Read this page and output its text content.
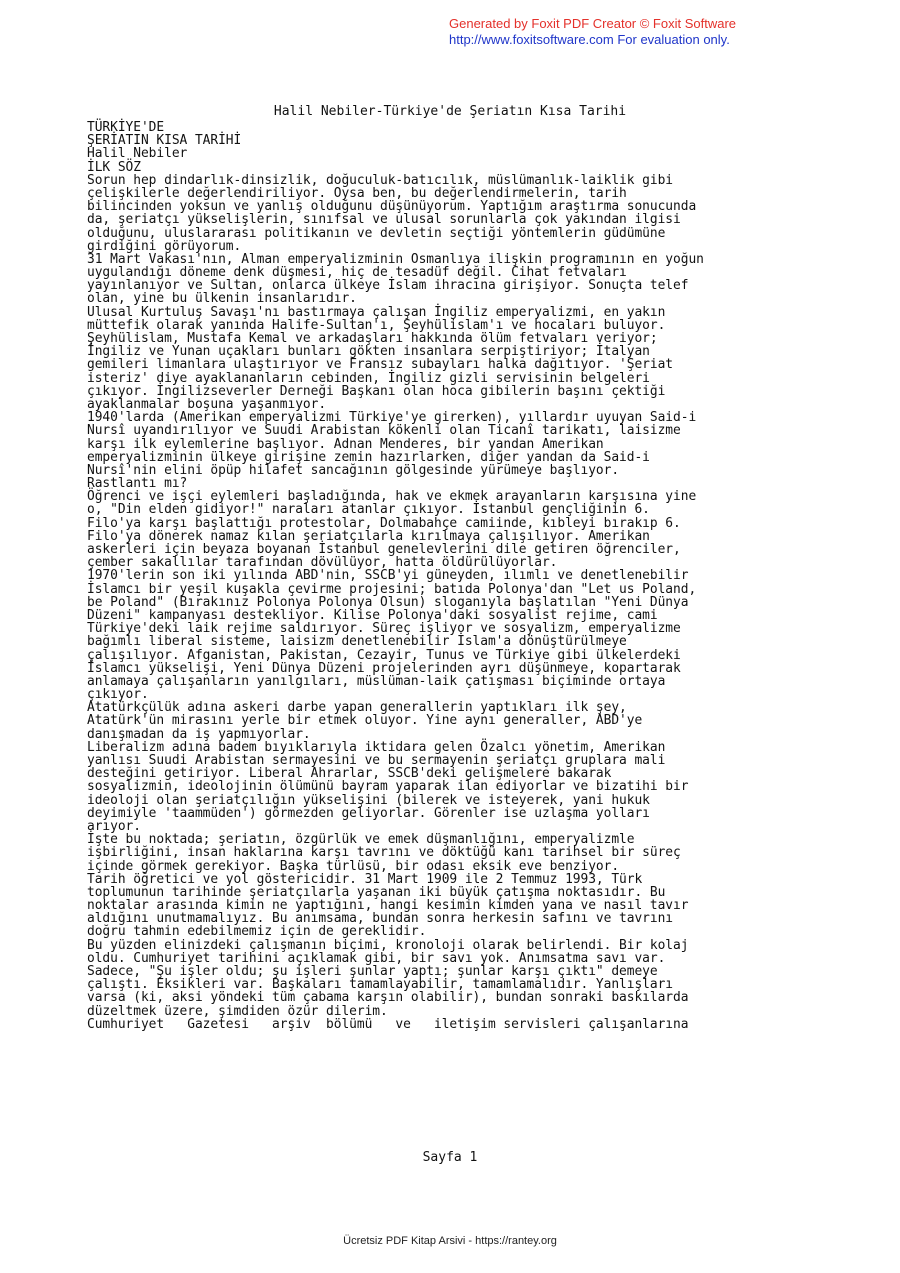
Generated by Foxit PDF Creator © Foxit Software
http://www.foxitsoftware.com For evaluation only.
Halil Nebiler-Türkiye'de Şeriatın Kısa Tarihi
TÜRKİYE'DE
ŞERİATIN KISA TARİHİ
Halil Nebiler
İLK SÖZ
Sorun hep dindarlık-dinsizlik, doğuculuk-batıcılık, müslümanlık-laiklik gibi
çelişkilerle değerlendiriliyor. Oysa ben, bu değerlendirmelerin, tarih
bilincinden yoksun ve yanlış olduğunu düşünüyorum. Yaptığım araştırma sonucunda
da, şeriatçı yükselişlerin, sınıfsal ve ulusal sorunlarla çok yakından ilgisi
olduğunu, uluslararası politikanın ve devletin seçtiği yöntemlerin güdümüne
girdiğini görüyorum.
31 Mart Vakası'nın, Alman emperyalizminin Osmanlıya ilişkin programının en yoğun
uygulandığı döneme denk düşmesi, hiç de tesadüf değil. Cihat fetvaları
yayınlanıyor ve Sultan, onlarca ülkeye İslam ihracına girişiyor. Sonuçta telef
olan, yine bu ülkenin insanlarıdır.
Ulusal Kurtuluş Savaşı'nı bastırmaya çalışan İngiliz emperyalizmi, en yakın
müttefik olarak yanında Halife-Sultan'ı, Şeyhülislam'ı ve hocaları buluyor.
Şeyhülislam, Mustafa Kemal ve arkadaşları hakkında ölüm fetvaları veriyor;
İngiliz ve Yunan uçakları bunları gökten insanlara serpiştiriyor; İtalyan
gemileri limanlara ulaştırıyor ve Fransız subayları halka dağıtıyor. 'Şeriat
isteriz' diye ayaklananların cebinden, İngiliz gizli servisinin belgeleri
çıkıyor. İngilizseverler Derneği Başkanı olan hoca gibilerin başını çektiği
ayaklanmalar boşuna yaşanmıyor.
1940'larda (Amerikan emperyalizmi Türkiye'ye girerken), yıllardır uyuyan Said-i
Nursî uyandırılıyor ve Suudi Arabistan kökenli olan Ticanî tarikatı, laisizme
karşı ilk eylemlerine başlıyor. Adnan Menderes, bir yandan Amerikan
emperyalizminin ülkeye girişine zemin hazırlarken, diğer yandan da Said-i
Nursî'nin elini öpüp hilafet sancağının gölgesinde yürümeye başlıyor.
Rastlantı mı?
Öğrenci ve işçi eylemleri başladığında, hak ve ekmek arayanların karşısına yine
o, "Din elden gidiyor!" naraları atanlar çıkıyor. İstanbul gençliğinin 6.
Filo'ya karşı başlattığı protestolar, Dolmabahçe camiinde, kıbleyi bırakıp 6.
Filo'ya dönerek namaz kılan şeriatçılarla kırılmaya çalışılıyor. Amerikan
askerleri için beyaza boyanan İstanbul genelevlerini dile getiren öğrenciler,
çember sakallılar tarafından dövülüyor, hatta öldürülüyorlar.
1970'lerin son iki yılında ABD'nin, SSCB'yi güneyden, ılımlı ve denetlenebilir
İslamcı bir yeşil kuşakla çevirme projesini; batıda Polonya'dan "Let us Poland,
be Poland" (Bırakınız Polonya Polonya Olsun) sloganıyla başlatılan "Yeni Dünya
Düzeni" kampanyası destekliyor. Kilise Polonya'daki sosyalist rejime, cami
Türkiye'deki laik rejime saldırıyor. Süreç işliyor ve sosyalizm, emperyalizme
bağımlı liberal sisteme, laisizm denetlenebilir İslam'a dönüştürülmeye
çalışılıyor. Afganistan, Pakistan, Cezayir, Tunus ve Türkiye gibi ülkelerdeki
İslamcı yükselişi, Yeni Dünya Düzeni projelerinden ayrı düşünmeye, kopartarak
anlamaya çalışanların yanılgıları, müslüman-laik çatışması biçiminde ortaya
çıkıyor.
Atatürkçülük adına askeri darbe yapan generallerin yaptıkları ilk şey,
Atatürk'ün mirasını yerle bir etmek oluyor. Yine aynı generaller, ABD'ye
danışmadan da iş yapmıyorlar.
Liberalizm adına badem bıyıklarıyla iktidara gelen Özalcı yönetim, Amerikan
yanlısı Suudi Arabistan sermayesini ve bu sermayenin şeriatçı gruplara mali
desteğini getiriyor. Liberal Ahrarlar, SSCB'deki gelişmelere bakarak
sosyalizmin, ideolojinin ölümünü bayram yaparak ilan ediyorlar ve bizatihi bir
ideoloji olan şeriatçılığın yükselişini (bilerek ve isteyerek, yani hukuk
deyimiyle 'taammüden') görmezden geliyorlar. Görenler ise uzlaşma yolları
arıyor.
İşte bu noktada; şeriatın, özgürlük ve emek düşmanlığını, emperyalizmle
işbirliğini, insan haklarına karşı tavrını ve döktüğü kanı tarihsel bir süreç
içinde görmek gerekiyor. Başka türlüsü, bir odası eksik eve benziyor.
Tarih öğretici ve yol göstericidir. 31 Mart 1909 ile 2 Temmuz 1993, Türk
toplumunun tarihinde şeriatçılarla yaşanan iki büyük çatışma noktasıdır. Bu
noktalar arasında kimin ne yaptığını, hangi kesimin kimden yana ve nasıl tavır
aldığını unutmamalıyız. Bu anımsama, bundan sonra herkesin safını ve tavrını
doğru tahmin edebilmemiz için de gereklidir.
Bu yüzden elinizdeki çalışmanın biçimi, kronoloji olarak belirlendi. Bir kolaj
oldu. Cumhuriyet tarihini açıklamak gibi, bir savı yok. Anımsatma savı var.
Sadece, "Şu işler oldu; şu işleri şunlar yaptı; şunlar karşı çıktı" demeye
çalıştı. Eksikleri var. Başkaları tamamlayabilir, tamamlamalıdır. Yanlışları
varsa (ki, aksi yöndeki tüm çabama karşın olabilir), bundan sonraki baskılarda
düzeltmek üzere, şimdiden özür dilerim.
Cumhuriyet   Gazetesi   arşiv  bölümü   ve   iletişim servisleri çalışanlarına
Sayfa 1
Ücretsiz PDF Kitap Arsivi - https://rantey.org
